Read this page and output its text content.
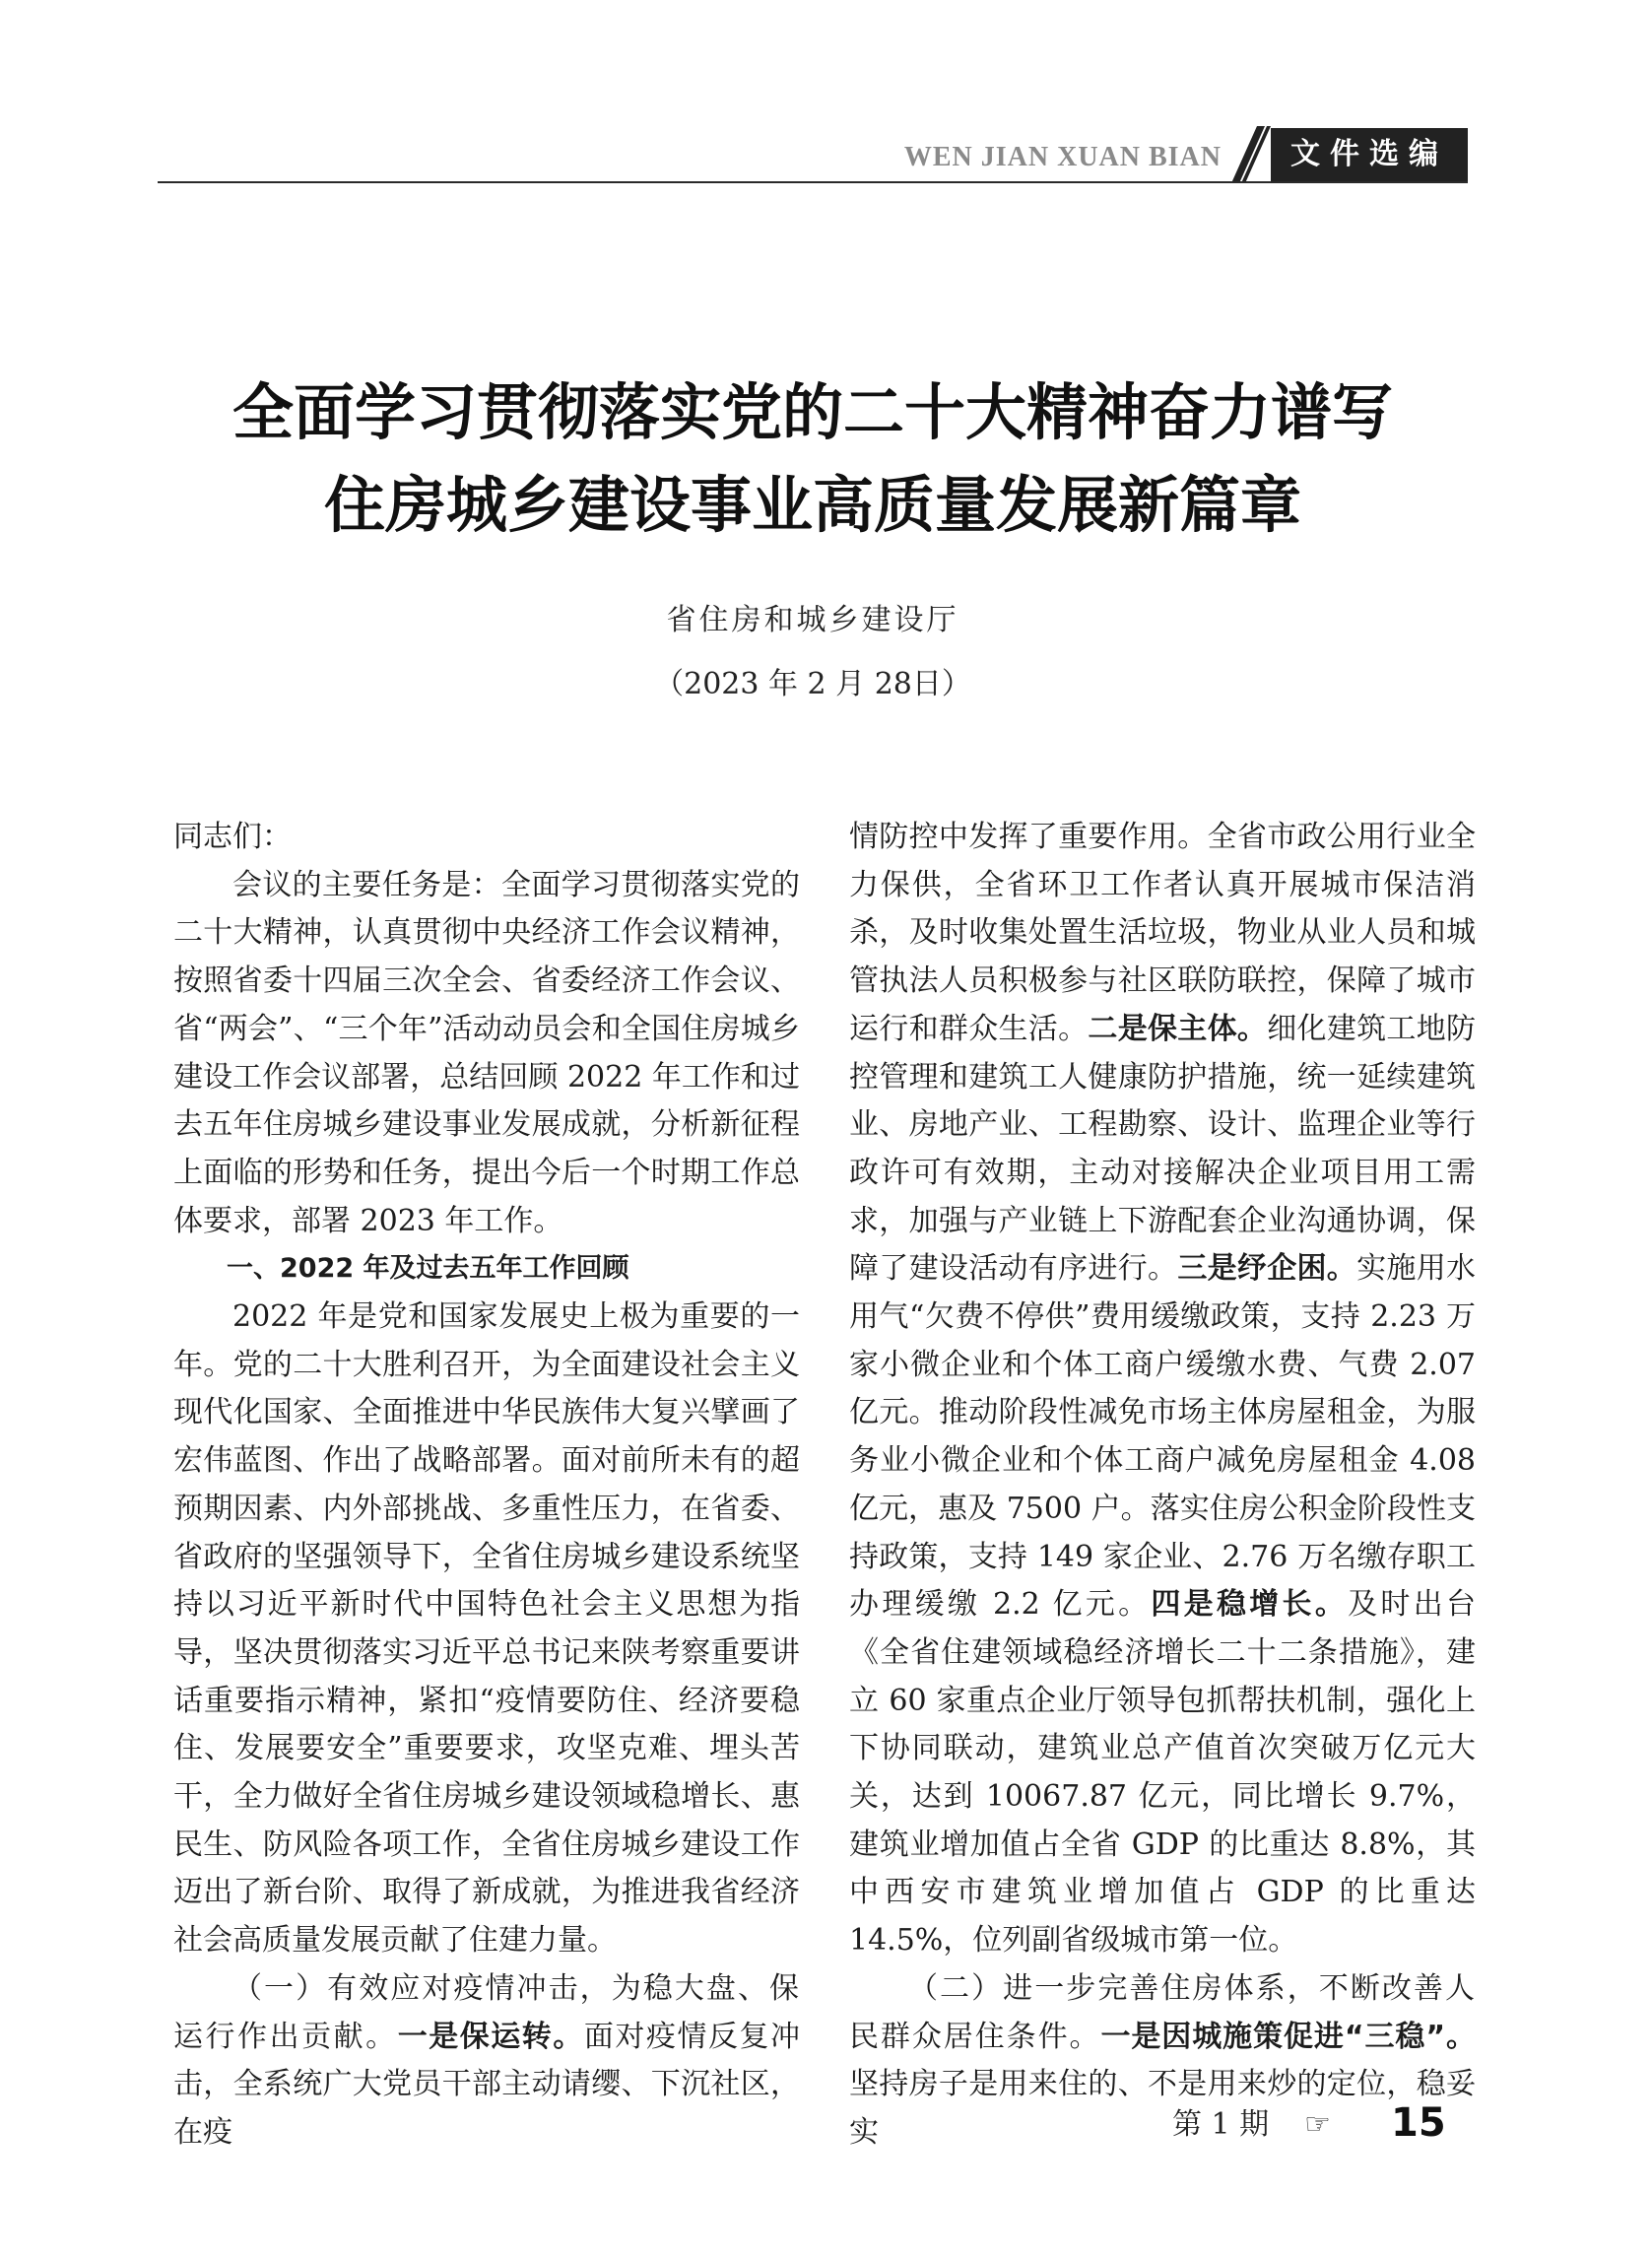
WEN JIAN XUAN BIAN	文件选编
全面学习贯彻落实党的二十大精神奋力谱写
住房城乡建设事业高质量发展新篇章
省住房和城乡建设厅
（2023 年 2 月 28日）

同志们：

会议的主要任务是：全面学习贯彻落实党的二十大精神，认真贯彻中央经济工作会议精神，按照省委十四届三次全会、省委经济工作会议、省“两会”、“三个年”活动动员会和全国住房城乡建设工作会议部署，总结回顾 2022 年工作和过去五年住房城乡建设事业发展成就，分析新征程上面临的形势和任务，提出今后一个时期工作总体要求，部署 2023 年工作。

一、2022 年及过去五年工作回顾

2022 年是党和国家发展史上极为重要的一年。党的二十大胜利召开，为全面建设社会主义现代化国家、全面推进中华民族伟大复兴擘画了宏伟蓝图、作出了战略部署。面对前所未有的超预期因素、内外部挑战、多重性压力，在省委、省政府的坚强领导下，全省住房城乡建设系统坚持以习近平新时代中国特色社会主义思想为指导，坚决贯彻落实习近平总书记来陕考察重要讲话重要指示精神，紧扣“疫情要防住、经济要稳住、发展要安全”重要要求，攻坚克难、埋头苦干，全力做好全省住房城乡建设领域稳增长、惠民生、防风险各项工作，全省住房城乡建设工作迈出了新台阶、取得了新成就，为推进我省经济社会高质量发展贡献了住建力量。

（一）有效应对疫情冲击，为稳大盘、保运行作出贡献。一是保运转。面对疫情反复冲击，全系统广大党员干部主动请缨、下沉社区，在疫

情防控中发挥了重要作用。全省市政公用行业全力保供，全省环卫工作者认真开展城市保洁消杀，及时收集处置生活垃圾，物业从业人员和城管执法人员积极参与社区联防联控，保障了城市运行和群众生活。二是保主体。细化建筑工地防控管理和建筑工人健康防护措施，统一延续建筑业、房地产业、工程勘察、设计、监理企业等行政许可有效期，主动对接解决企业项目用工需求，加强与产业链上下游配套企业沟通协调，保障了建设活动有序进行。三是纾企困。实施用水用气“欠费不停供”费用缓缴政策，支持 2.23 万家小微企业和个体工商户缓缴水费、气费 2.07 亿元。推动阶段性减免市场主体房屋租金，为服务业小微企业和个体工商户减免房屋租金 4.08 亿元，惠及 7500 户。落实住房公积金阶段性支持政策，支持 149 家企业、2.76 万名缴存职工办理缓缴 2.2 亿元。四是稳增长。及时出台《全省住建领域稳经济增长二十二条措施》，建立 60 家重点企业厅领导包抓帮扶机制，强化上下协同联动，建筑业总产值首次突破万亿元大关，达到 10067.87 亿元，同比增长 9.7%，建筑业增加值占全省 GDP 的比重达 8.8%，其中西安市建筑业增加值占 GDP 的比重达 14.5%，位列副省级城市第一位。

（二）进一步完善住房体系，不断改善人民群众居住条件。一是因城施策促进“三稳”。坚持房子是用来住的、不是用来炒的定位，稳妥实	第 1 期 ☞ 15
